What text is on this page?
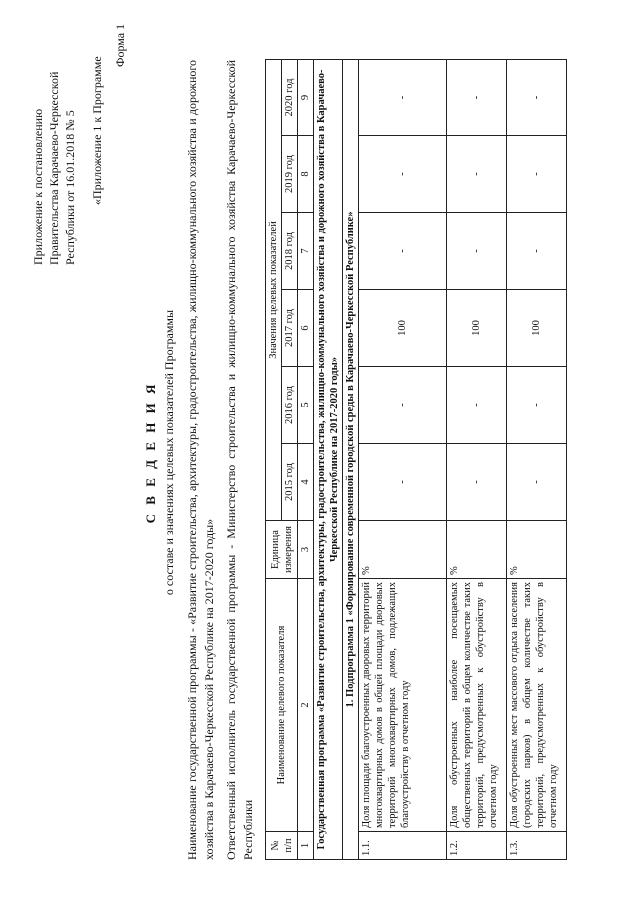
Приложение к постановлению Правительства Карачаево-Черкесской Республики от 16.01.2018 № 5 «Приложение 1 к Программе
Форма 1
С В Е Д Е Н И Я о составе и значениях целевых показателей Программы Наименование государственной программы - «Развитие строительства, архитектуры, градостроительства, жилищно-коммунального хозяйства и дорожного хозяйства в Карачаево-Черкесской Республике на 2017-2020 годы» Ответственный исполнитель государственной программы - Министерство строительства и жилищно-коммунального хозяйства Карачаево-Черкесской Республики № п/п	Наименование целевого показателя	Единица измерения	Значения целевых показателей					
			2015 год	2016 год	2017 год	2018 год	2019 год	2020 год
1	2	3	4	5	6	7	8	9
Государственная программа «Развитие строительства, архитектуры, градостроительства, жилищно-коммунального хозяйства и дорожного хозяйства в Карачаево-Черкесской Республике на 2017-2020 годы»								
1. Подпрограмма 1 «Формирование современной городской среды в Карачаево-Черкесской Республике»								
1.1.	Доля площади благоустроенных дворовых территорий многоквартирных домов в общей площади дворовых территорий многоквартирных домов, подлежащих благоустройству в отчетном году	%	-	-	100	-	-	-
1.2.	Доля обустроенных наиболее посещаемых общественных территорий в общем количестве таких территорий, предусмотренных к обустройству в отчетном году	%	-	-	100	-	-	-
1.3.	Доля обустроенных мест массового отдыха населения (городских парков) в общем количестве таких территорий, предусмотренных к обустройству в отчетном году	%	-	-	100	-	-	-
